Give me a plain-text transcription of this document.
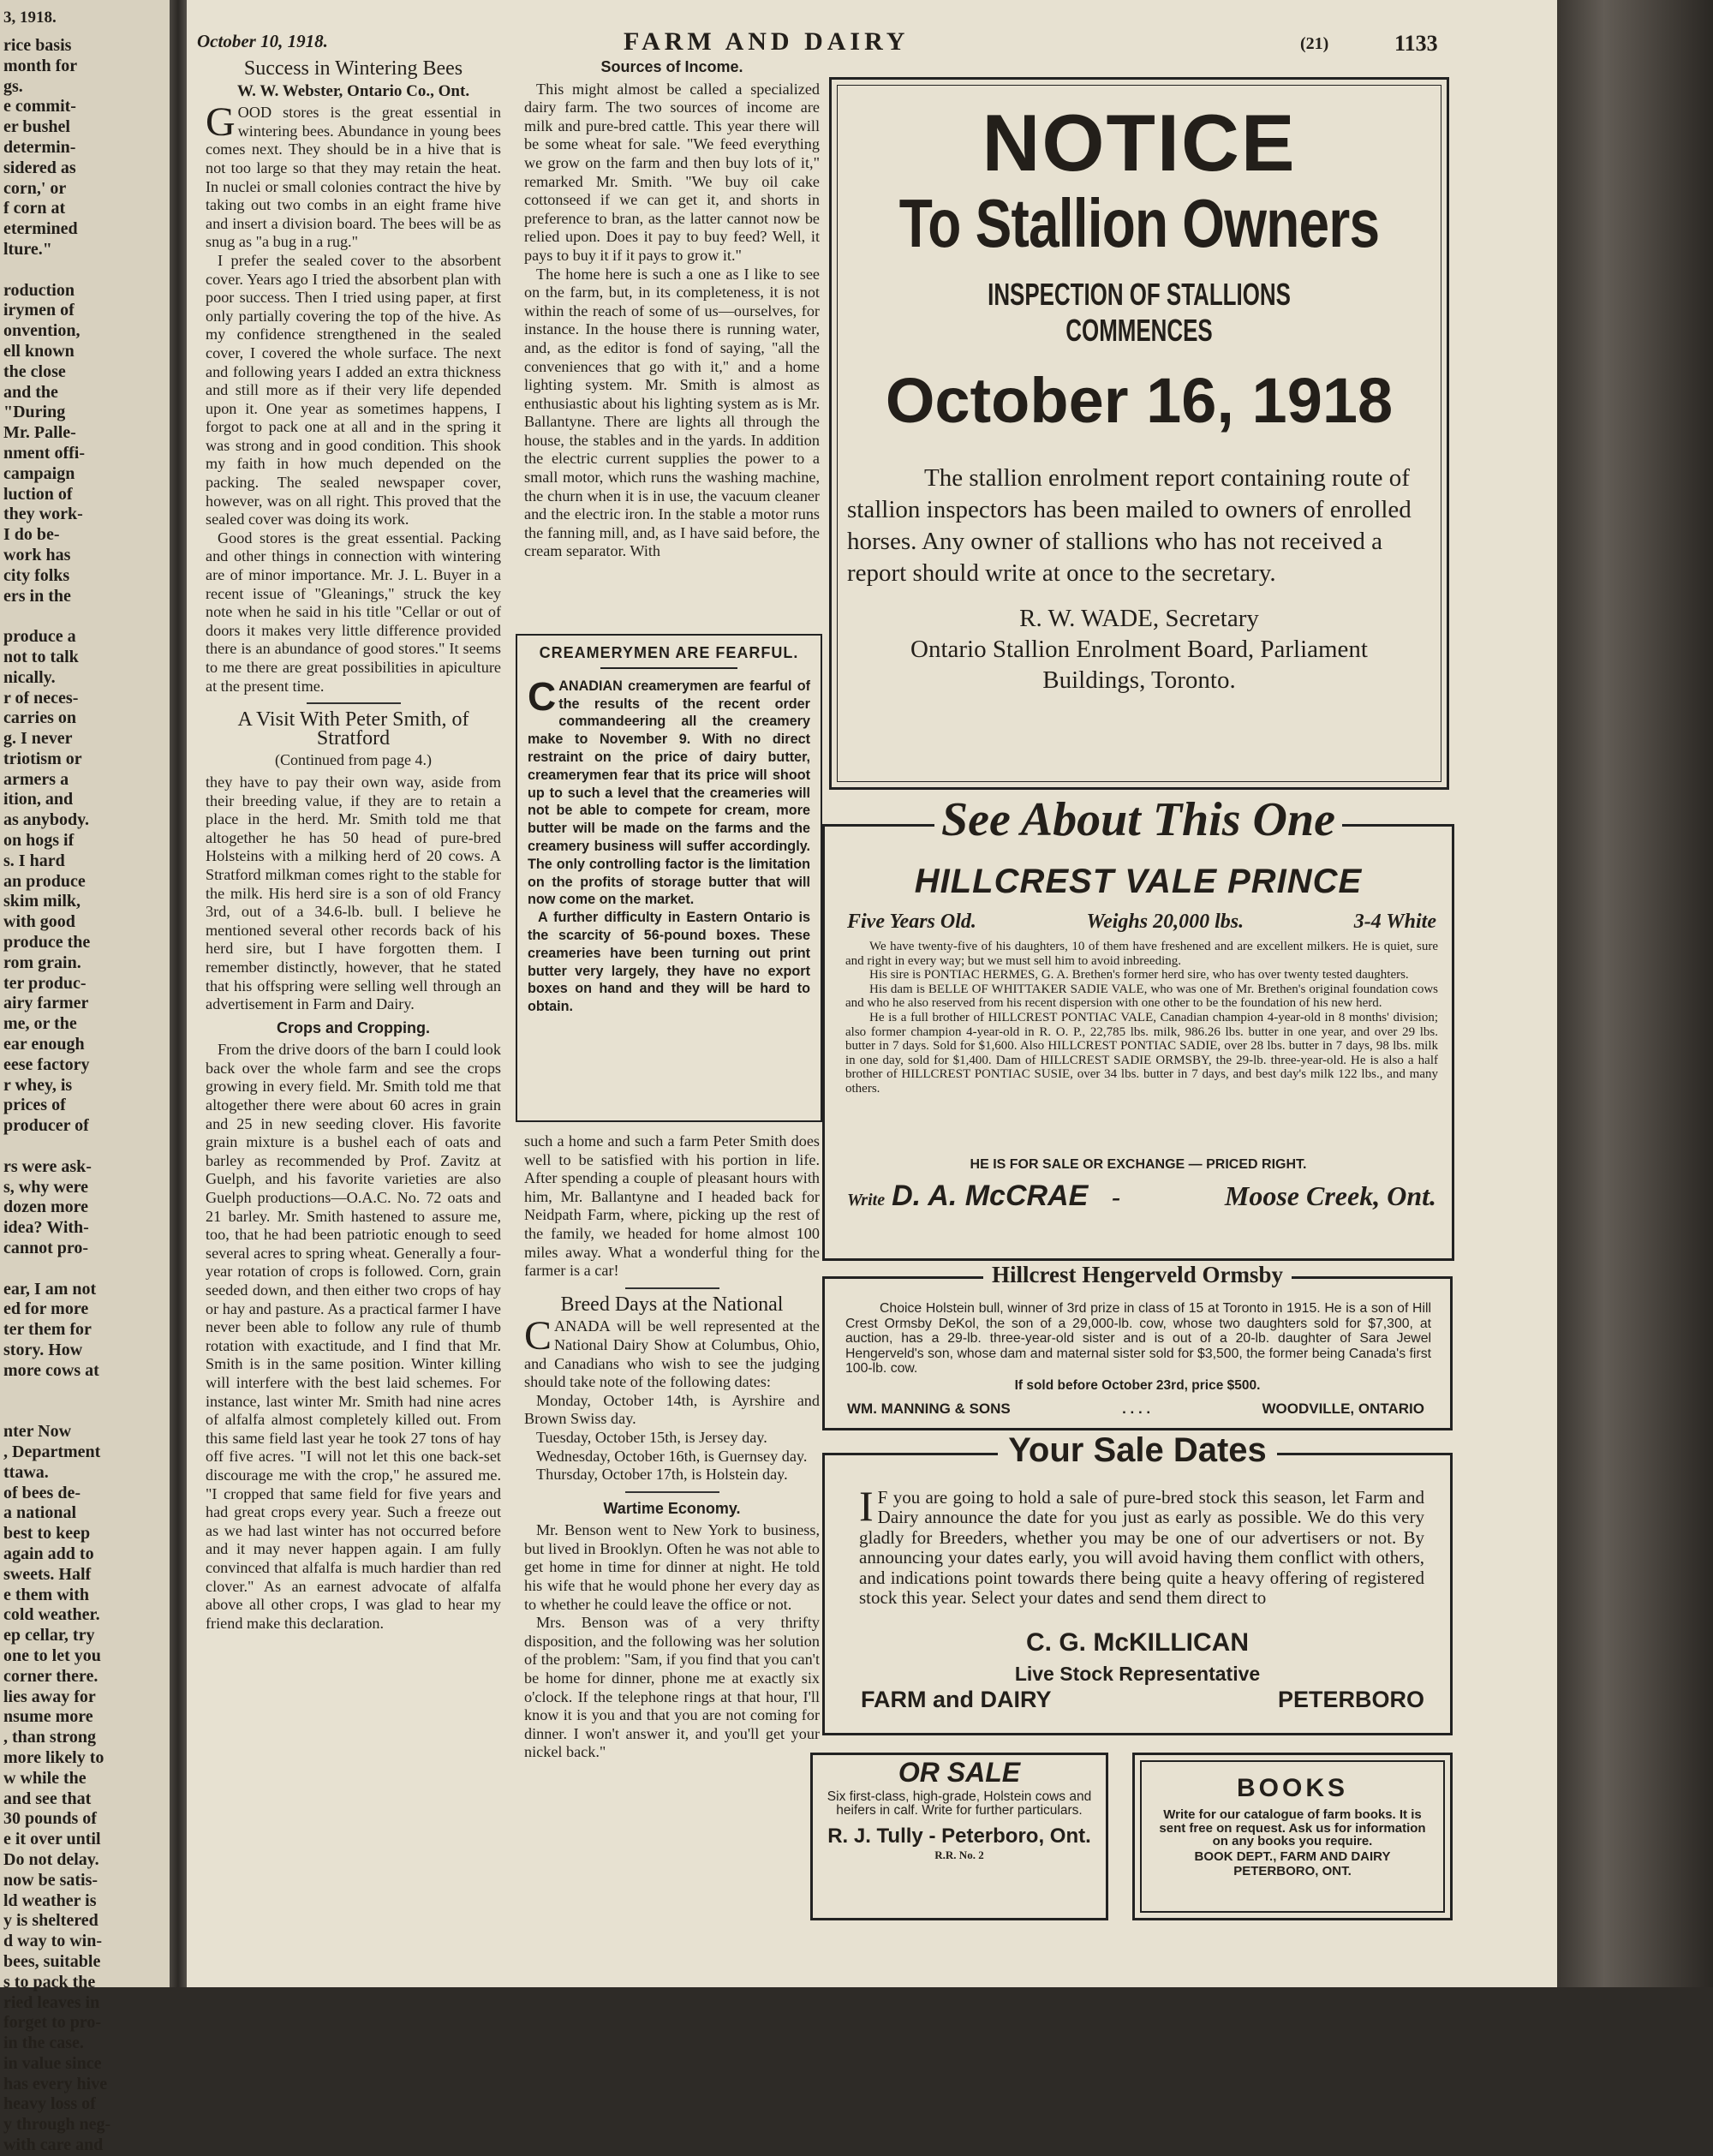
3, 1918.
rice basis
month for
gs.
e commit-
er bushel
determin-
sidered as
corn,' or
f corn at
etermined
lture."

roduction
irymen of
onvention,
ell known
the close
and the
"During
Mr. Palle-
nment offi-
campaign
luction of
they work-
I do be-
work has
city folks
ers in the

produce a
not to talk
nically.
r of neces-
carries on
g. I never
triotism or
armers a
ition, and
as anybody.
on hogs if
s. I hard
an produce
skim milk,
with good
produce the
rom grain.
ter produc-
airy farmer
me, or the
ear enough
eese factory
r whey, is
prices of
producer of

rs were ask-
s, why were
dozen more
idea? With-
cannot pro-

ear, I am not
ed for more
ter them for
story. How
more cows at

nter Now
, Department
ttawa.
of bees de-
a national
best to keep
again add to
sweets. Half
e them with
cold weather.
ep cellar, try
one to let you
corner there.
lies away for
nsume more
, than strong
more likely to
w while the
and see that
30 pounds of
e it over until
Do not delay.
now be satis-
ld weather is
y is sheltered
d way to win-
bees, suitable
s to pack the
ried leaves in
forget to pro-
in the case.
in value since
has every hive
heavy loss of
y through neg-
with care and
October 10, 1918.	FARM AND DAIRY	(21)	1133
Success in Wintering Bees
W. W. Webster, Ontario Co., Ont.

GOOD stores is the great essential in wintering bees. Abundance in young bees comes next. They should be in a hive that is not too large so that they may retain the heat. In nuclei or small colonies contract the hive by taking out two combs in an eight frame hive and insert a division board. The bees will be as snug as "a bug in a rug."

I prefer the sealed cover to the absorbent cover. Years ago I tried the absorbent plan with poor success. Then I tried using paper, at first only partially covering the top of the hive. As my confidence strengthened in the sealed cover, I covered the whole surface. The next and following years I added an extra thickness and still more as if their very life depended upon it. One year as sometimes happens, I forgot to pack one at all and in the spring it was strong and in good condition. This shook my faith in how much depended on the packing. The sealed newspaper cover, however, was on all right. This proved that the sealed cover was doing its work.

Good stores is the great essential. Packing and other things in connection with wintering are of minor importance. Mr. J. L. Buyer in a recent issue of "Gleanings," struck the key note when he said in his title "Cellar or out of doors it makes very little difference provided there is an abundance of good stores." It seems to me there are great possibilities in apiculture at the present time.

A Visit With Peter Smith, of Stratford
(Continued from page 4.)

they have to pay their own way, aside from their breeding value, if they are to retain a place in the herd. Mr. Smith told me that altogether he has 50 head of pure-bred Holsteins with a milking herd of 20 cows. A Stratford milkman comes right to the stable for the milk. His herd sire is a son of old Francy 3rd, out of a 34.6-lb. bull. I believe he mentioned several other records back of his herd sire, but I have forgotten them. I remember distinctly, however, that he stated that his offspring were selling well through an advertisement in Farm and Dairy.

Crops and Cropping.

From the drive doors of the barn I could look back over the whole farm and see the crops growing in every field. Mr. Smith told me that altogether there were about 60 acres in grain and 25 in new seeding clover. His favorite grain mixture is a bushel each of oats and barley as recommended by Prof. Zavitz at Guelph, and his favorite varieties are also Guelph productions—O.A.C. No. 72 oats and 21 barley. Mr. Smith hastened to assure me, too, that he had been patriotic enough to seed several acres to spring wheat. Generally a four-year rotation of crops is followed. Corn, grain seeded down, and then either two crops of hay or hay and pasture. As a practical farmer I have never been able to follow any rule of thumb rotation with exactitude, and I find that Mr. Smith is in the same position. Winter killing will interfere with the best laid schemes. For instance, last winter Mr. Smith had nine acres of alfalfa almost completely killed out. From this same field last year he took 27 tons of hay off five acres. "I will not let this one back-set discourage me with the crop," he assured me. "I cropped that same field for five years and had great crops every year. Such a freeze out as we had last winter has not occurred before and it may never happen again. I am fully convinced that alfalfa is much hardier than red clover." As an earnest advocate of alfalfa above all other crops, I was glad to hear my friend make this declaration.

Sources of Income.

This might almost be called a specialized dairy farm. The two sources of income are milk and pure-bred cattle. This year there will be some wheat for sale. "We feed everything we grow on the farm and then buy lots of it," remarked Mr. Smith. "We buy oil cake cottonseed if we can get it, and shorts in preference to bran, as the latter cannot now be relied upon. Does it pay to buy feed? Well, it pays to buy it if it pays to grow it."

The home here is such a one as I like to see on the farm, but, in its completeness, it is not within the reach of some of us—ourselves, for instance. In the house there is running water, and, as the editor is fond of saying, "all the conveniences that go with it," and a home lighting system. Mr. Smith is almost as enthusiastic about his lighting system as is Mr. Ballantyne. There are lights all through the house, the stables and in the yards. In addition the electric current supplies the power to a small motor, which runs the washing machine, the churn when it is in use, the vacuum cleaner and the electric iron. In the stable a motor runs the fanning mill, and, as I have said before, the cream separator. With

CREAMERYMEN ARE FEARFUL.

CANADIAN creamerymen are fearful of the results of the recent order commandeering all the creamery make to November 9. With no direct restraint on the price of dairy butter, creamerymen fear that its price will shoot up to such a level that the creameries will not be able to compete for cream, more butter will be made on the farms and the creamery business will suffer accordingly. The only controlling factor is the limitation on the profits of storage butter that will now come on the market.

A further difficulty in Eastern Ontario is the scarcity of 56-pound boxes. These creameries have been turning out print butter very largely, they have no export boxes on hand and they will be hard to obtain.

such a home and such a farm Peter Smith does well to be satisfied with his portion in life. After spending a couple of pleasant hours with him, Mr. Ballantyne and I headed back for Neidpath Farm, where, picking up the rest of the family, we headed for home almost 100 miles away. What a wonderful thing for the farmer is a car!

Breed Days at the National

CANADA will be well represented at the National Dairy Show at Columbus, Ohio, and Canadians who wish to see the judging should take note of the following dates:

Monday, October 14th, is Ayrshire and Brown Swiss day.

Tuesday, October 15th, is Jersey day.

Wednesday, October 16th, is Guernsey day.

Thursday, October 17th, is Holstein day.

Wartime Economy.

Mr. Benson went to New York to business, but lived in Brooklyn. Often he was not able to get home in time for dinner at night. He told his wife that he would phone her every day as to whether he could leave the office or not.

Mrs. Benson was of a very thrifty disposition, and the following was her solution of the problem: "Sam, if you find that you can't be home for dinner, phone me at exactly six o'clock. If the telephone rings at that hour, I'll know it is you and that you are not coming for dinner. I won't answer it, and you'll get your nickel back."

NOTICE
To Stallion Owners
INSPECTION OF STALLIONS COMMENCES
October 16, 1918
The stallion enrolment report containing route of stallion inspectors has been mailed to owners of enrolled horses. Any owner of stallions who has not received a report should write at once to the secretary.
R. W. WADE, Secretary
Ontario Stallion Enrolment Board, Parliament
Buildings, Toronto.
See About This One
HILLCREST VALE PRINCE
Five Years Old.	Weighs 20,000 lbs.	3-4 White

We have twenty-five of his daughters, 10 of them have freshened and are excellent milkers. He is quiet, sure and right in every way; but we must sell him to avoid inbreeding.

His sire is PONTIAC HERMES, G. A. Brethen's former herd sire, who has over twenty tested daughters.

His dam is BELLE OF WHITTAKER SADIE VALE, who was one of Mr. Brethen's original foundation cows and who he also reserved from his recent dispersion with one other to be the foundation of his new herd.

He is a full brother of HILLCREST PONTIAC VALE, Canadian champion 4-year-old in 8 months' division; also former champion 4-year-old in R. O. P., 22,785 lbs. milk, 986.26 lbs. butter in one year, and over 29 lbs. butter in 7 days. Sold for $1,600. Also HILLCREST PONTIAC SADIE, over 28 lbs. butter in 7 days, 98 lbs. milk in one day, sold for $1,400. Dam of HILLCREST SADIE ORMSBY, the 29-lb. three-year-old. He is also a half brother of HILLCREST PONTIAC SUSIE, over 34 lbs. butter in 7 days, and best day's milk 122 lbs., and many others.

HE IS FOR SALE OR EXCHANGE — PRICED RIGHT.
Write D. A. McCRAE -	Moose Creek, Ont.
Hillcrest Hengerveld Ormsby

Choice Holstein bull, winner of 3rd prize in class of 15 at Toronto in 1915. He is a son of Hill Crest Ormsby DeKol, the son of a 29,000-lb. cow, whose two daughters sold for $7,300, at auction, has a 29-lb. three-year-old sister and is out of a 20-lb. daughter of Sara Jewel Hengerveld's son, whose dam and maternal sister sold for $3,500, the former being Canada's first 100-lb. cow.

If sold before October 23rd, price $500.
WM. MANNING & SONS	. . . .	WOODVILLE, ONTARIO
Your Sale Dates
I F you are going to hold a sale of pure-bred stock this season, let Farm and Dairy announce the date for you just as early as possible. We do this very gladly for Breeders, whether you may be one of our advertisers or not. By announcing your dates early, you will avoid having them conflict with others, and indications point towards there being quite a heavy offering of registered stock this year. Select your dates and send them direct to
C. G. McKILLICAN
Live Stock Representative
FARM and DAIRY	PETERBORO
OR SALE
Six first-class, high-grade, Holstein cows and heifers in calf. Write for further particulars.
R. J. Tully - Peterboro, Ont.
R.R. No. 2
BOOKS
Write for our catalogue of farm books. It is sent free on request. Ask us for information on any books you require.
BOOK DEPT., FARM AND DAIRY
PETERBORO, ONT.
